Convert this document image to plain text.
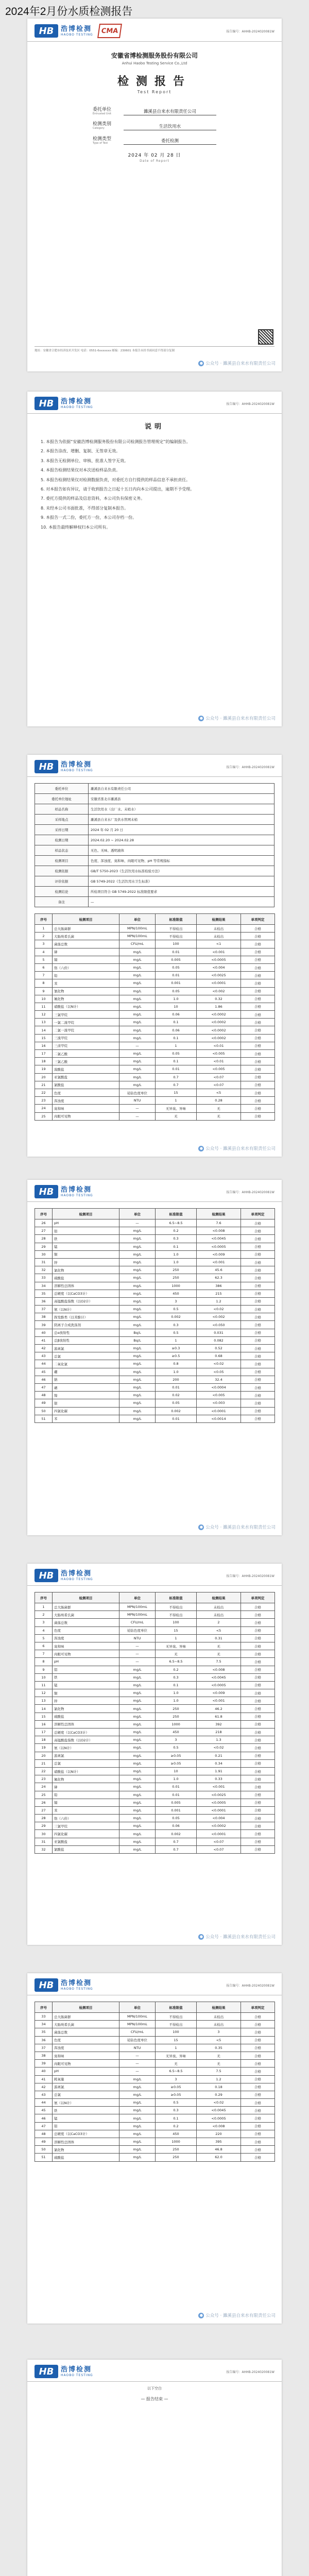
2024年2月份水质检测报告
HB	浩博检测
HAOBO TESTING	CMA	报告编号：AHHB-2024020081W
安徽省博检测服务股份有限公司
Anhui Haobo Testing Service Co.,Ltd
检测报告
Test Report
委托单位
Entrusted Unit	濉溪县自来水有限责任公司
检测类别
Category	生活饮用水
检测类型
Type of Test	委托检测
2024 年 02 月 28 日
Date of Report
地址：安徽省合肥市经济技术开发区 电话：0551-6xxxxxxx 邮编：230601 本报告未经书面同意不得部分复制
● 公众号 · 濉溪县自来水有限责任公司
HB	浩博检测
HAOBO TESTING
报告编号：AHHB-2024020081W
说明

1. 本报告为依据“安徽浩博检测服务股份有限公司检测报告管理规定”的编制报告。

2. 本报告涂改、增删、复制、无签章无效。

3. 本报告无检测单位、审核、批准人签字无效。

4. 本报告检测结果仅对本次送检样品负责。

5. 本报告检测结果仅对检测数据负责，对委托方自行提供的样品信息不承担责任。

6. 对本报告如有异议，请于收到报告之日起十五日内向本公司提出，逾期不予受理。

7. 委托方提供的样品及信息资料，本公司负有保密义务。

8. 未经本公司书面批准，不得部分复制本报告。

9. 本报告一式二份，委托方一份，本公司存档一份。

10. 本报告最终解释权归本公司所有。

● 公众号 · 濉溪县自来水有限责任公司
HB	浩博检测
HAOBO TESTING
报告编号：AHHB-2024020081W
委托单位	濉溪县自来水有限责任公司
委托单位地址	安徽省淮北市濉溪县
样品名称	生活饮用水（出厂水、末梢水）
采样地点	濉溪县自来水厂及供水管网末梢
采样日期	2024 年 02 月 20 日
检测日期	2024.02.20 ~ 2024.02.28
样品状态	无色、无味、透明液体
检测项目	色度、浑浊度、臭和味、肉眼可见物、pH 等常规指标
检测依据	GB/T 5750-2023《生活饮用水标准检验方法》
评价依据	GB 5749-2022《生活饮用水卫生标准》
检测结论	所检项目符合 GB 5749-2022 标准限值要求
备注	—
序号	检测项目	单位	标准限值	检测结果	单项判定
1	总大肠菌群	MPN/100mL	不得检出	未检出	合格
2	大肠埃希氏菌	MPN/100mL	不得检出	未检出	合格
3	菌落总数	CFU/mL	100	<1	合格
4	砷	mg/L	0.01	<0.001	合格
5	镉	mg/L	0.005	<0.0005	合格
6	铬（六价）	mg/L	0.05	<0.004	合格
7	铅	mg/L	0.01	<0.0025	合格
8	汞	mg/L	0.001	<0.0001	合格
9	氰化物	mg/L	0.05	<0.002	合格
10	氟化物	mg/L	1.0	0.32	合格
11	硝酸盐（以N计）	mg/L	10	1.86	合格
12	三氯甲烷	mg/L	0.06	<0.0002	合格
13	一氯二溴甲烷	mg/L	0.1	<0.0002	合格
14	二氯一溴甲烷	mg/L	0.06	<0.0002	合格
15	三溴甲烷	mg/L	0.1	<0.0002	合格
16	三卤甲烷	—	1	<0.01	合格
17	二氯乙酸	mg/L	0.05	<0.005	合格
18	三氯乙酸	mg/L	0.1	<0.01	合格
19	溴酸盐	mg/L	0.01	<0.005	合格
20	亚氯酸盐	mg/L	0.7	<0.07	合格
21	氯酸盐	mg/L	0.7	<0.07	合格
22	色度	铂钴色度单位	15	<5	合格
23	浑浊度	NTU	1	0.28	合格
24	臭和味	—	无异臭、异味	无	合格
25	肉眼可见物	—	无	无	合格
● 公众号 · 濉溪县自来水有限责任公司
HB	浩博检测
HAOBO TESTING
报告编号：AHHB-2024020081W
序号	检测项目	单位	标准限值	检测结果	单项判定
26	pH	—	6.5~8.5	7.6	合格
27	铝	mg/L	0.2	<0.008	合格
28	铁	mg/L	0.3	<0.0045	合格
29	锰	mg/L	0.1	<0.0005	合格
30	铜	mg/L	1.0	<0.009	合格
31	锌	mg/L	1.0	<0.001	合格
32	氯化物	mg/L	250	45.6	合格
33	硫酸盐	mg/L	250	62.3	合格
34	溶解性总固体	mg/L	1000	386	合格
35	总硬度（以CaCO3计）	mg/L	450	215	合格
36	高锰酸盐指数（以O2计）	mg/L	3	1.2	合格
37	氨（以N计）	mg/L	0.5	<0.02	合格
38	挥发酚类（以苯酚计）	mg/L	0.002	<0.002	合格
39	阴离子合成洗涤剂	mg/L	0.3	<0.050	合格
40	总α放射性	Bq/L	0.5	0.031	合格
41	总β放射性	Bq/L	1	0.082	合格
42	游离氯	mg/L	≥0.3	0.52	合格
43	总氯	mg/L	≥0.5	0.68	合格
44	二氧化氯	mg/L	0.8	<0.02	合格
45	硼	mg/L	1.0	<0.05	合格
46	钠	mg/L	200	32.4	合格
47	硒	mg/L	0.01	<0.0004	合格
48	镍	mg/L	0.02	<0.005	合格
49	银	mg/L	0.05	<0.003	合格
50	四氯化碳	mg/L	0.002	<0.0001	合格
51	苯	mg/L	0.01	<0.0014	合格
● 公众号 · 濉溪县自来水有限责任公司
HB	浩博检测
HAOBO TESTING
报告编号：AHHB-2024020081W
序号	检测项目	单位	标准限值	检测结果	单项判定
1	总大肠菌群	MPN/100mL	不得检出	未检出	合格
2	大肠埃希氏菌	MPN/100mL	不得检出	未检出	合格
3	菌落总数	CFU/mL	100	2	合格
4	色度	铂钴色度单位	15	<5	合格
5	浑浊度	NTU	1	0.31	合格
6	臭和味	—	无异臭、异味	无	合格
7	肉眼可见物	—	无	无	合格
8	pH	—	6.5~8.5	7.5	合格
9	铝	mg/L	0.2	<0.008	合格
10	铁	mg/L	0.3	<0.0045	合格
11	锰	mg/L	0.1	<0.0005	合格
12	铜	mg/L	1.0	<0.009	合格
13	锌	mg/L	1.0	<0.001	合格
14	氯化物	mg/L	250	46.2	合格
15	硫酸盐	mg/L	250	61.8	合格
16	溶解性总固体	mg/L	1000	392	合格
17	总硬度（以CaCO3计）	mg/L	450	218	合格
18	高锰酸盐指数（以O2计）	mg/L	3	1.3	合格
19	氨（以N计）	mg/L	0.5	<0.02	合格
20	游离氯	mg/L	≥0.05	0.21	合格
21	总氯	mg/L	≥0.05	0.34	合格
22	硝酸盐（以N计）	mg/L	10	1.91	合格
23	氟化物	mg/L	1.0	0.33	合格
24	砷	mg/L	0.01	<0.001	合格
25	铅	mg/L	0.01	<0.0025	合格
26	镉	mg/L	0.005	<0.0005	合格
27	汞	mg/L	0.001	<0.0001	合格
28	铬（六价）	mg/L	0.05	<0.004	合格
29	三氯甲烷	mg/L	0.06	<0.0002	合格
30	四氯化碳	mg/L	0.002	<0.0001	合格
31	亚氯酸盐	mg/L	0.7	<0.07	合格
32	氯酸盐	mg/L	0.7	<0.07	合格
● 公众号 · 濉溪县自来水有限责任公司
HB	浩博检测
HAOBO TESTING
报告编号：AHHB-2024020081W
序号	检测项目	单位	标准限值	检测结果	单项判定
33	总大肠菌群	MPN/100mL	不得检出	未检出	合格
34	大肠埃希氏菌	MPN/100mL	不得检出	未检出	合格
35	菌落总数	CFU/mL	100	3	合格
36	色度	铂钴色度单位	15	<5	合格
37	浑浊度	NTU	1	0.35	合格
38	臭和味	—	无异臭、异味	无	合格
39	肉眼可见物	—	无	无	合格
40	pH	—	6.5~8.5	7.5	合格
41	耗氧量	mg/L	3	1.2	合格
42	游离氯	mg/L	≥0.05	0.18	合格
43	总氯	mg/L	≥0.05	0.29	合格
44	氨（以N计）	mg/L	0.5	<0.02	合格
45	铁	mg/L	0.3	<0.0045	合格
46	锰	mg/L	0.1	<0.0005	合格
47	铝	mg/L	0.2	<0.008	合格
48	总硬度（以CaCO3计）	mg/L	450	220	合格
49	溶解性总固体	mg/L	1000	395	合格
50	氯化物	mg/L	250	46.8	合格
51	硫酸盐	mg/L	250	62.0	合格
● 公众号 · 濉溪县自来水有限责任公司
HB	浩博检测
HAOBO TESTING
报告编号：AHHB-2024020081W
以下空白
— 报告结束 —
